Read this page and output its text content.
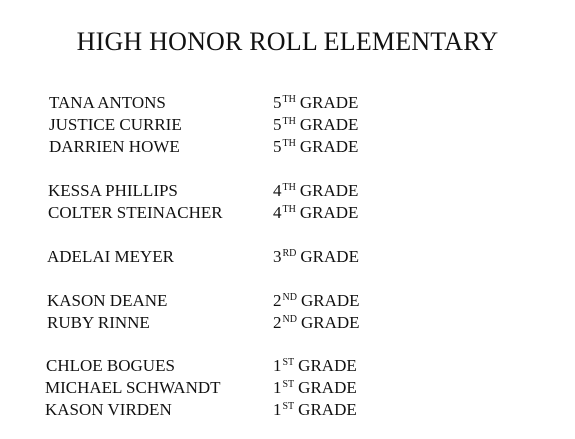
HIGH HONOR ROLL ELEMENTARY
TANA ANTONS	5TH GRADE
JUSTICE CURRIE	5TH GRADE
DARRIEN HOWE	5TH GRADE
KESSA PHILLIPS	4TH GRADE
COLTER STEINACHER	4TH GRADE
ADELAI MEYER	3RD GRADE
KASON DEANE	2ND GRADE
RUBY RINNE	2ND GRADE
CHLOE BOGUES	1ST GRADE
MICHAEL SCHWANDT	1ST GRADE
KASON VIRDEN	1ST GRADE
